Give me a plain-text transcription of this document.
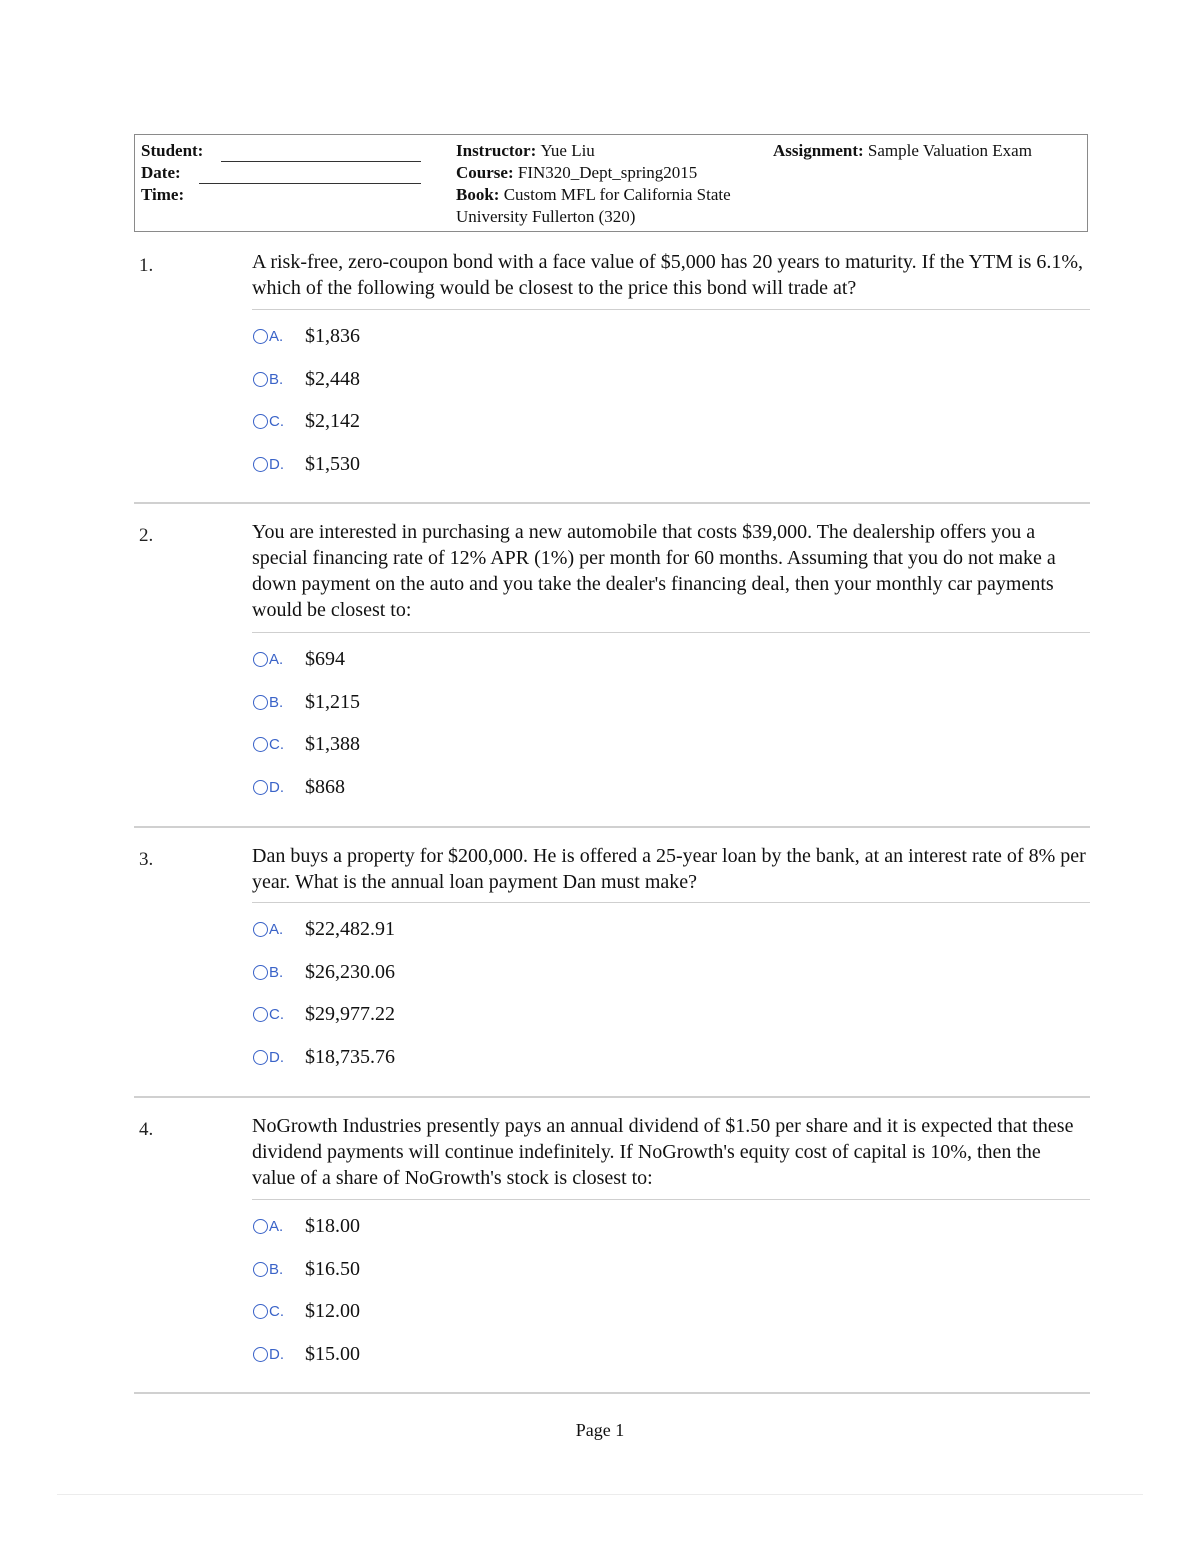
Student:
Date:
Time:
Instructor:
Yue Liu
Course:
FIN320_Dept_spring2015
Book:
Custom MFL for California State
University Fullerton (320)
Assignment:
Sample Valuation Exam
1.	A risk-free, zero-coupon bond with a face value of $5,000 has 20 years to maturity. If the YTM is 6.1%, which of the following would be closest to the price this bond will trade at?
A.	$1,836
B.	$2,448
C.	$2,142
D.	$1,530
2.	You are interested in purchasing a new automobile that costs $39,000. The dealership offers you a special financing rate of 12% APR (1%) per month for 60 months. Assuming that you do not make a down payment on the auto and you take the dealer's financing deal, then your monthly car payments would be closest to:
A.	$694
B.	$1,215
C.	$1,388
D.	$868
3.	Dan buys a property for $200,000. He is offered a 25-year loan by the bank, at an interest rate of 8% per year. What is the annual loan payment Dan must make?
A.	$22,482.91
B.	$26,230.06
C.	$29,977.22
D.	$18,735.76
4.	NoGrowth Industries presently pays an annual dividend of $1.50 per share and it is expected that these dividend payments will continue indefinitely. If NoGrowth's equity cost of capital is 10%, then the value of a share of NoGrowth's stock is closest to:
A.	$18.00
B.	$16.50
C.	$12.00
D.	$15.00
Page 1
